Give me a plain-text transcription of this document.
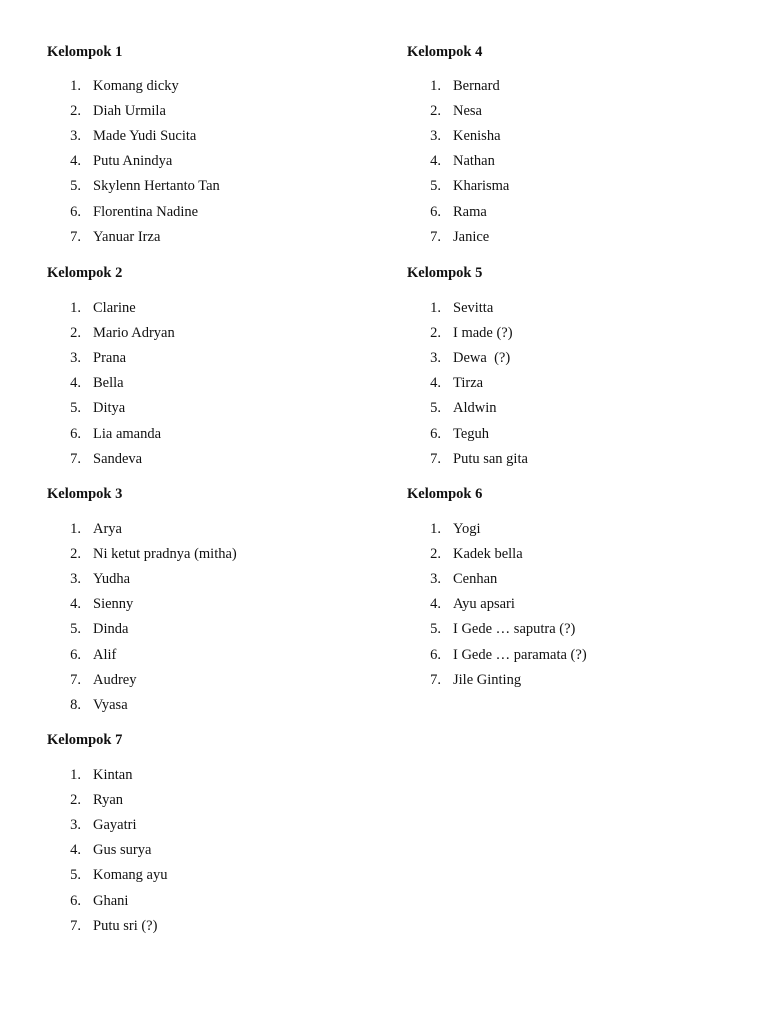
Kelompok 1
1. Komang dicky
2. Diah Urmila
3. Made Yudi Sucita
4. Putu Anindya
5. Skylenn Hertanto Tan
6. Florentina Nadine
7. Yanuar Irza
Kelompok 2
1. Clarine
2. Mario Adryan
3. Prana
4. Bella
5. Ditya
6. Lia amanda
7. Sandeva
Kelompok 3
1. Arya
2. Ni ketut pradnya (mitha)
3. Yudha
4. Sienny
5. Dinda
6. Alif
7. Audrey
8. Vyasa
Kelompok 7
1. Kintan
2. Ryan
3. Gayatri
4. Gus surya
5. Komang ayu
6. Ghani
7. Putu sri (?)
Kelompok 4
1. Bernard
2. Nesa
3. Kenisha
4. Nathan
5. Kharisma
6. Rama
7. Janice
Kelompok 5
1. Sevitta
2. I made (?)
3. Dewa  (?)
4. Tirza
5. Aldwin
6. Teguh
7. Putu san gita
Kelompok 6
1. Yogi
2. Kadek bella
3. Cenhan
4. Ayu apsari
5. I Gede … saputra (?)
6. I Gede … paramata (?)
7. Jile Ginting
